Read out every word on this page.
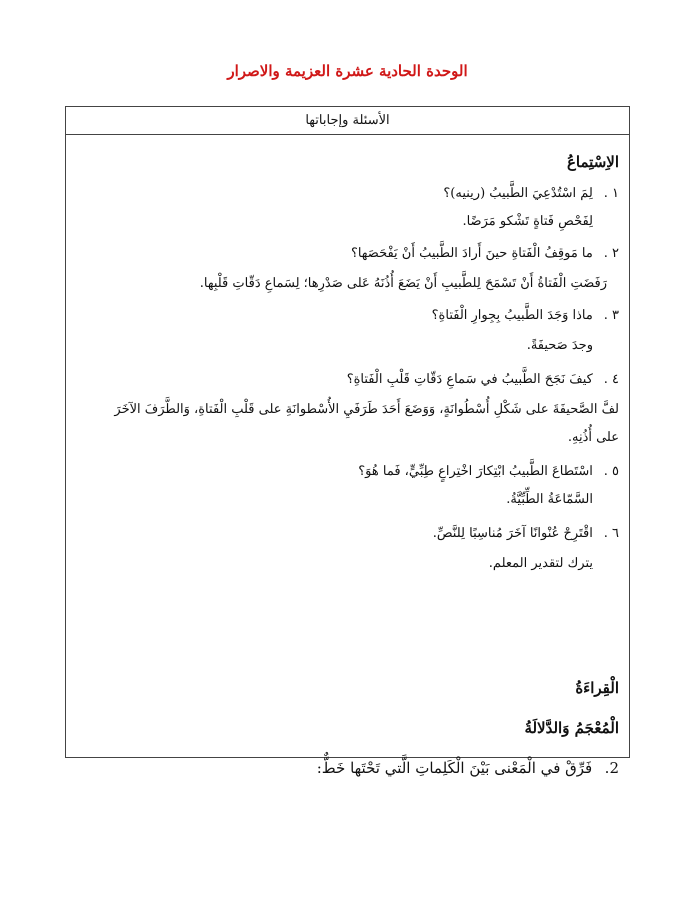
الوحدة الحادية عشرة العزيمة والاصرار
الأسئلة وإجاباتها
الاِسْتِماعُ
١ . لِمَ اسْتُدْعِيَ الطَّبيبُ (رينيه)؟
لِفَحْصِ فَتاةٍ تَشْكو مَرَضًا.
٢ . ما مَوقِفُ الْفَتاةِ حينَ أَرادَ الطَّبيبُ أَنْ يَفْحَصَها؟
رَفَضَتِ الْفَتاةُ أَنْ تَسْمَحَ لِلطَّبيبِ أَنْ يَضَعَ أُذُنَهُ عَلى صَدْرِها؛ لِسَماعِ دَقّاتِ قَلْبِها.
٣ . ماذا وَجَدَ الطَّبيبُ بِجِوارِ الْفَتاةِ؟
وجدَ صَحيفَةً.
٤ . كيفَ نَجَحَ الطَّبيبُ في سَماعِ دَقّاتِ قَلْبِ الْفَتاةِ؟
لفَّ الصَّحيفَةَ على شَكْلِ أُسْطُوانَةٍ، وَوَضَعَ أَحَدَ طَرَفَيِ الأُسْطوانَةِ على قَلْبِ الْفَتاةِ، وَالطَّرَفَ الآخَرَ
على أُذُنِهِ.
٥ . اسْتَطاعَ الطَّبيبُ ابْتِكارَ اخْتِراعٍ طِبِّيٍّ، فَما هُوَ؟
السَّمّاعَةُ الطِّبِّيَّةُ.
٦ . اقْتَرِحْ عُنْوانًا آخَرَ مُناسِبًا لِلنَّصِّ.
يترك لتقدير المعلم.
الْقِراءَةُ
الْمُعْجَمُ وَالدَّلالَةُ
2. فَرِّقْ في الْمَعْنى بَيْنَ الْكَلِماتِ الَّتي تَحْتَها خَطٌّ:
